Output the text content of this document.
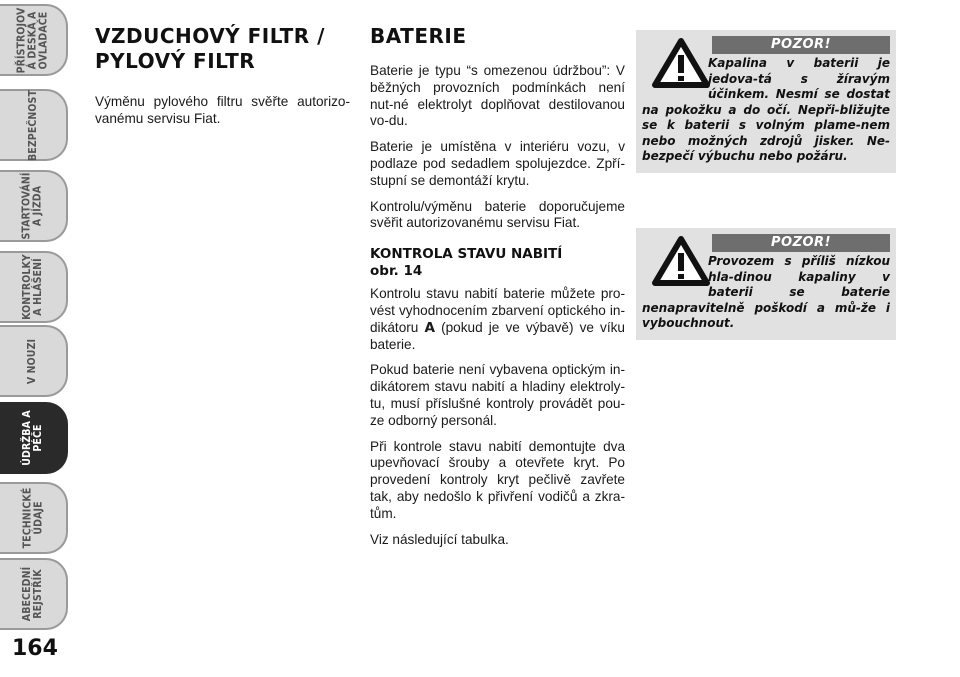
PŘÍSTROJOV
Á DESKA A
OVLADAČE
BEZPEČNOST
STARTOVÁNÍ
A JÍZDA
KONTROLKY
A HLÁŠENÍ
V NOUZI
ÚDRŽBA A
PÉČE
TECHNICKÉ
ÚDAJE
ABECEDNÍ
REJSTŘÍK
164
VZDUCHOVÝ FILTR /
PYLOVÝ FILTR

Výměnu pylového filtru svěřte autorizo-vanému servisu Fiat.

BATERIE

Baterie je typu “s omezenou údržbou”: V běžných provozních podmínkách není nut-né elektrolyt doplňovat destilovanou vo-du.

Baterie je umístěna v interiéru vozu, v podlaze pod sedadlem spolujezdce. Zpří-stupní se demontáží krytu.

Kontrolu/výměnu baterie doporučujeme svěřit autorizovanému servisu Fiat.

KONTROLA STAVU NABITÍ
obr. 14

Kontrolu stavu nabití baterie můžete pro-vést vyhodnocením zbarvení optického in-dikátoru A (pokud je ve výbavě) ve víku baterie.

Pokud baterie není vybavena optickým in-dikátorem stavu nabití a hladiny elektroly-tu, musí příslušné kontroly provádět pou-ze odborný personál.

Při kontrole stavu nabití demontujte dva upevňovací šrouby a otevřete kryt. Po provedení kontroly kryt pečlivě zavřete tak, aby nedošlo k přivření vodičů a zkra-tům.

Viz následující tabulka.

POZOR!
Kapalina v baterii je jedova-tá s žíravým účinkem. Nesmí se dostat na pokožku a do očí. Nepři-bližujte se k baterii s volným plame-nem nebo možných zdrojů jisker. Ne-bezpečí výbuchu nebo požáru.
POZOR!
Provozem s příliš nízkou hla-dinou kapaliny v baterii se baterie nenapravitelně poškodí a mů-že i vybouchnout.
